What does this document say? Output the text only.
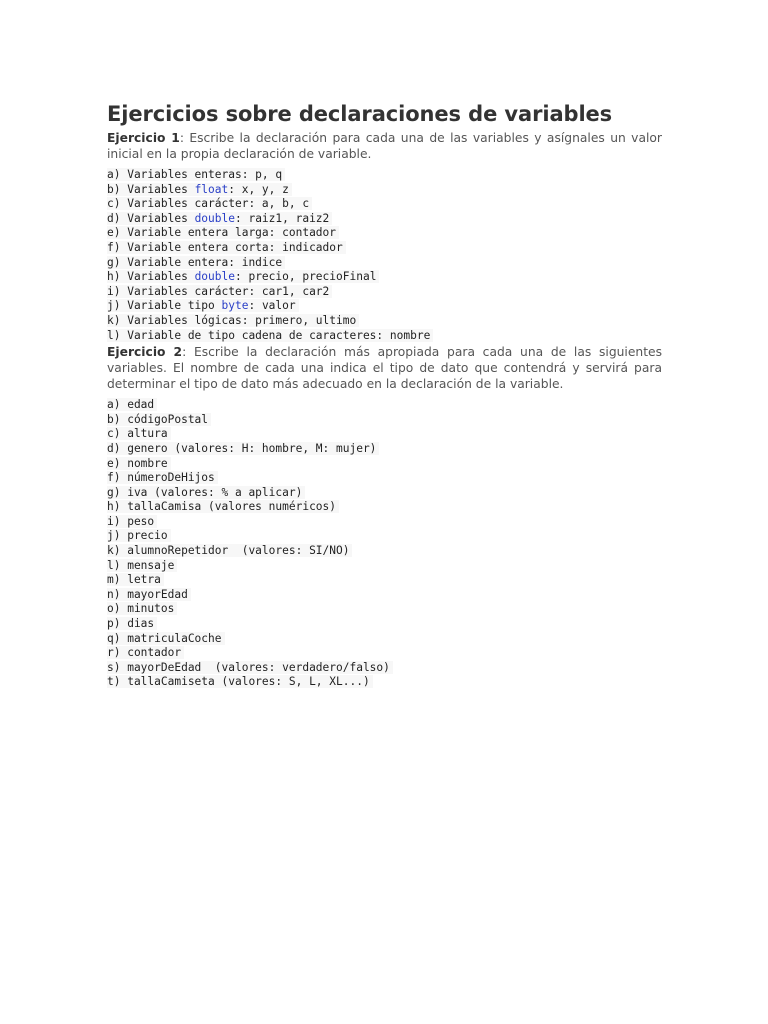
Ejercicios sobre declaraciones de variables

Ejercicio 1: Escribe la declaración para cada una de las variables y asígnales un valor inicial en la propia declaración de variable.

a) Variables enteras: p, q
b) Variables float: x, y, z
c) Variables carácter: a, b, c
d) Variables double: raiz1, raiz2
e) Variable entera larga: contador
f) Variable entera corta: indicador
g) Variable entera: indice
h) Variables double: precio, precioFinal
i) Variables carácter: car1, car2
j) Variable tipo byte: valor
k) Variables lógicas: primero, ultimo
l) Variable de tipo cadena de caracteres: nombre

Ejercicio 2: Escribe la declaración más apropiada para cada una de las siguientes variables. El nombre de cada una indica el tipo de dato que contendrá y servirá para determinar el tipo de dato más adecuado en la declaración de la variable.

a) edad
b) códigoPostal
c) altura
d) genero (valores: H: hombre, M: mujer)
e) nombre
f) númeroDeHijos
g) iva (valores: % a aplicar)
h) tallaCamisa (valores numéricos)
i) peso
j) precio
k) alumnoRepetidor  (valores: SI/NO)
l) mensaje
m) letra
n) mayorEdad
o) minutos
p) dias
q) matriculaCoche
r) contador
s) mayorDeEdad  (valores: verdadero/falso)
t) tallaCamiseta (valores: S, L, XL...)
